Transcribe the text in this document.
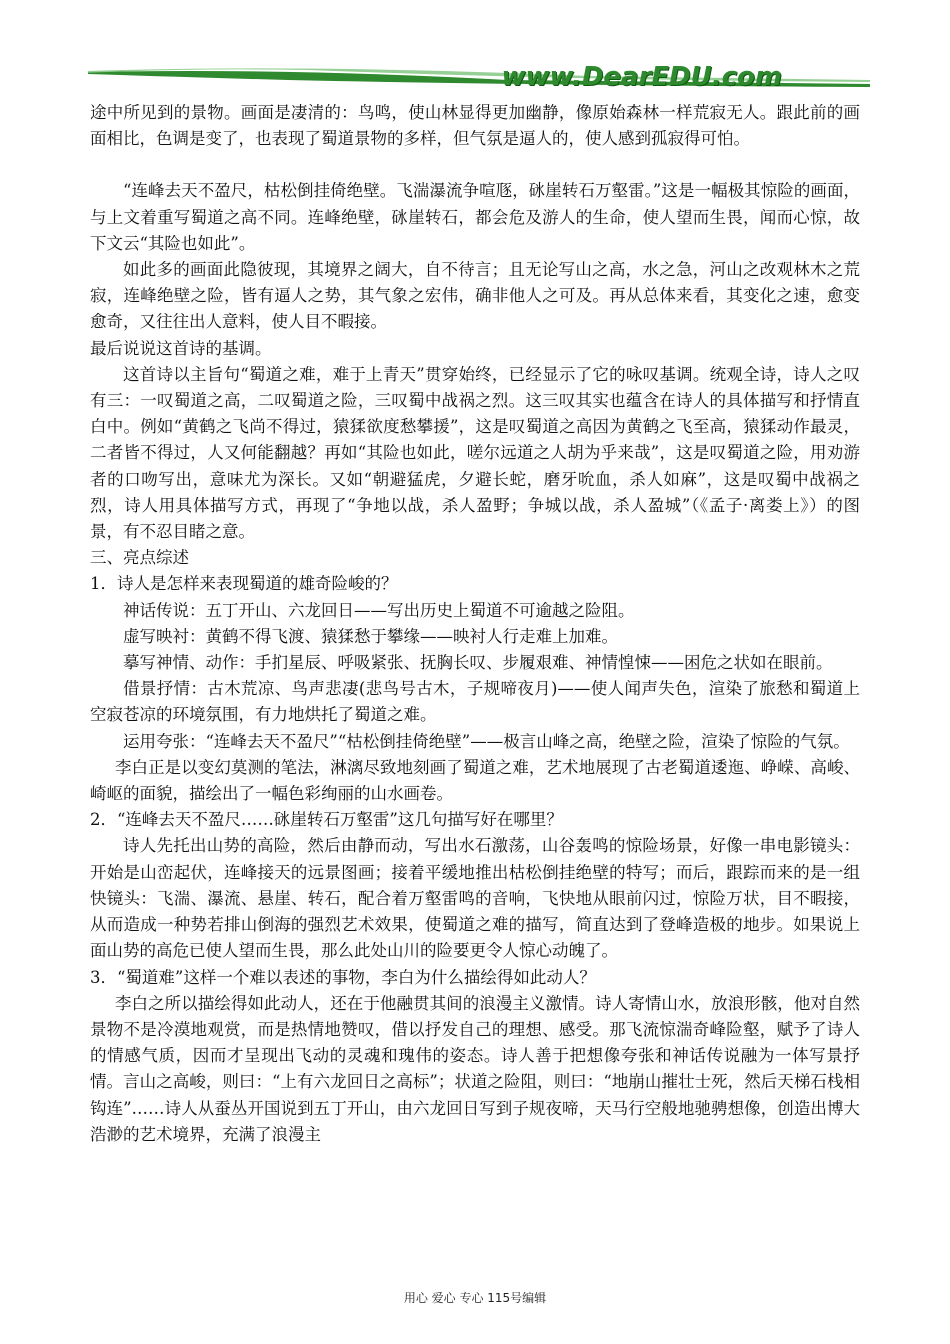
www.DearEDU.com

途中所见到的景物。画面是凄清的：鸟鸣，使山林显得更加幽静，像原始森林一样荒寂无人。跟此前的画面相比，色调是变了，也表现了蜀道景物的多样，但气氛是逼人的，使人感到孤寂得可怕。

“连峰去天不盈尺，枯松倒挂倚绝壁。飞湍瀑流争喧豗，砯崖转石万壑雷。”这是一幅极其惊险的画面，与上文着重写蜀道之高不同。连峰绝壁，砯崖转石，都会危及游人的生命，使人望而生畏，闻而心惊，故下文云“其险也如此”。

如此多的画面此隐彼现，其境界之阔大，自不待言；且无论写山之高，水之急，河山之改观林木之荒寂，连峰绝壁之险，皆有逼人之势，其气象之宏伟，确非他人之可及。再从总体来看，其变化之速，愈变愈奇，又往往出人意料，使人目不暇接。

最后说说这首诗的基调。

这首诗以主旨句“蜀道之难，难于上青天”贯穿始终，已经显示了它的咏叹基调。统观全诗，诗人之叹有三：一叹蜀道之高，二叹蜀道之险，三叹蜀中战祸之烈。这三叹其实也蕴含在诗人的具体描写和抒情直白中。例如“黄鹤之飞尚不得过，猿猱欲度愁攀援”，这是叹蜀道之高因为黄鹤之飞至高，猿猱动作最灵，二者皆不得过，人又何能翻越？再如“其险也如此，嗟尔远道之人胡为乎来哉”，这是叹蜀道之险，用劝游者的口吻写出，意味尤为深长。又如“朝避猛虎，夕避长蛇，磨牙吮血，杀人如麻”，这是叹蜀中战祸之烈，诗人用具体描写方式，再现了“争地以战，杀人盈野；争城以战，杀人盈城”（《孟子·离娄上》）的图景，有不忍目睹之意。

三、亮点综述

1．诗人是怎样来表现蜀道的雄奇险峻的？

神话传说：五丁开山、六龙回日——写出历史上蜀道不可逾越之险阻。

虚写映衬：黄鹤不得飞渡、猿猱愁于攀缘——映衬人行走难上加难。

摹写神情、动作：手扪星辰、呼吸紧张、抚胸长叹、步履艰难、神情惶悚——困危之状如在眼前。

借景抒情：古木荒凉、鸟声悲凄(悲鸟号古木，子规啼夜月)——使人闻声失色，渲染了旅愁和蜀道上空寂苍凉的环境氛围，有力地烘托了蜀道之难。

运用夸张：“连峰去天不盈尺”“枯松倒挂倚绝壁”——极言山峰之高，绝壁之险，渲染了惊险的气氛。

李白正是以变幻莫测的笔法，淋漓尽致地刻画了蜀道之难，艺术地展现了古老蜀道逶迤、峥嵘、高峻、崎岖的面貌，描绘出了一幅色彩绚丽的山水画卷。

2．“连峰去天不盈尺……砯崖转石万壑雷”这几句描写好在哪里？

诗人先托出山势的高险，然后由静而动，写出水石激荡，山谷轰鸣的惊险场景，好像一串电影镜头：开始是山峦起伏，连峰接天的远景图画；接着平缓地推出枯松倒挂绝壁的特写；而后，跟踪而来的是一组快镜头：飞湍、瀑流、悬崖、转石，配合着万壑雷鸣的音响，飞快地从眼前闪过，惊险万状，目不暇接，从而造成一种势若排山倒海的强烈艺术效果，使蜀道之难的描写，简直达到了登峰造极的地步。如果说上面山势的高危已使人望而生畏，那么此处山川的险要更令人惊心动魄了。

3．“蜀道难”这样一个难以表述的事物，李白为什么描绘得如此动人？

李白之所以描绘得如此动人，还在于他融贯其间的浪漫主义激情。诗人寄情山水，放浪形骸，他对自然景物不是冷漠地观赏，而是热情地赞叹，借以抒发自己的理想、感受。那飞流惊湍奇峰险壑，赋予了诗人的情感气质，因而才呈现出飞动的灵魂和瑰伟的姿态。诗人善于把想像夸张和神话传说融为一体写景抒情。言山之高峻，则曰：“上有六龙回日之高标”；状道之险阻，则曰：“地崩山摧壮士死，然后天梯石栈相钩连”……诗人从蚕丛开国说到五丁开山，由六龙回日写到子规夜啼，天马行空般地驰骋想像，创造出博大浩渺的艺术境界，充满了浪漫主

用心 爱心 专心 115号编辑
